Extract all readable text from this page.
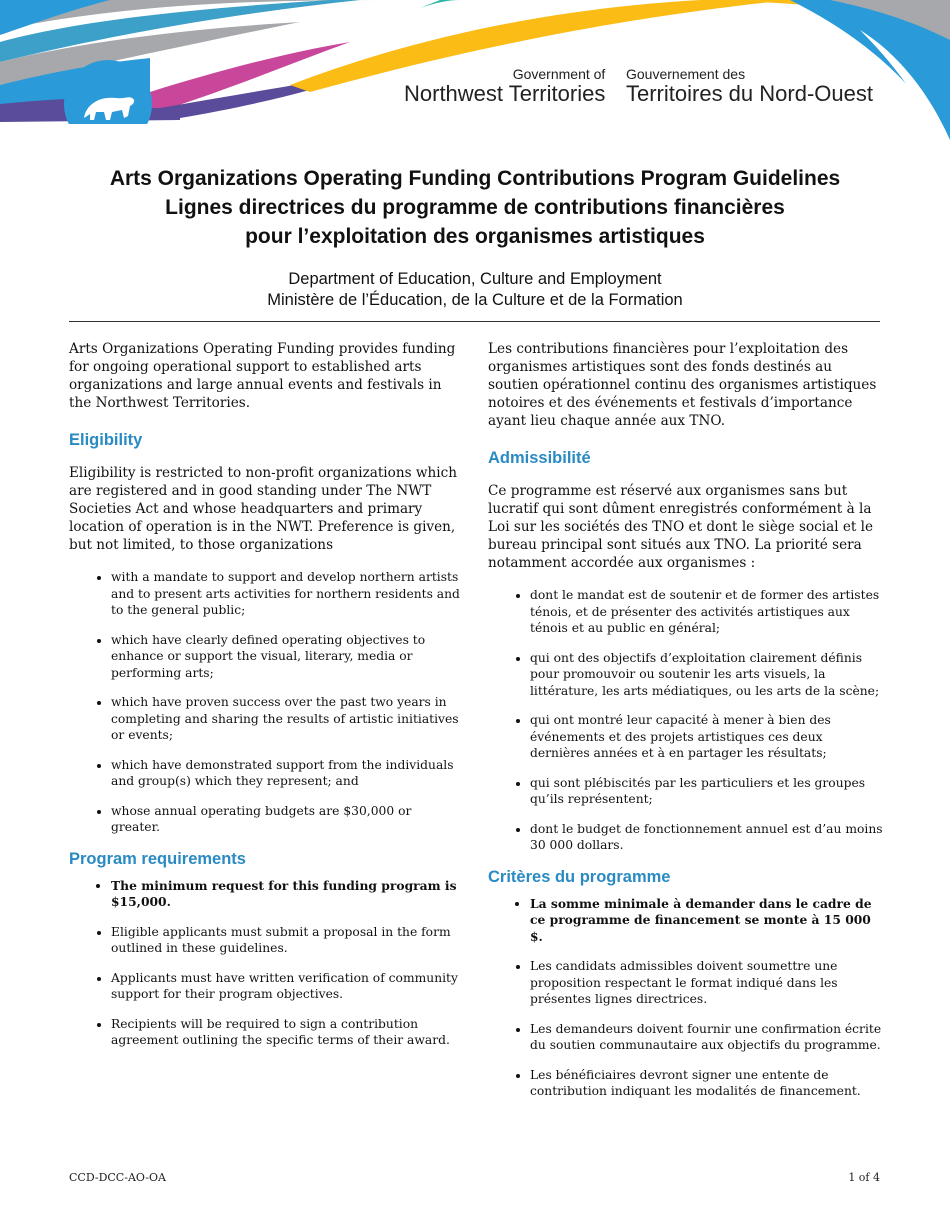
Government of
Northwest Territories
Gouvernement des
Territoires du Nord-Ouest
Arts Organizations Operating Funding Contributions Program Guidelines
Lignes directrices du programme de contributions financières
pour l’exploitation des organismes artistiques
Department of Education, Culture and Employment
Ministère de l’Éducation, de la Culture et de la Formation

Arts Organizations Operating Funding provides funding for ongoing operational support to established arts organizations and large annual events and festivals in the Northwest Territories.

Eligibility

Eligibility is restricted to non-profit organizations which are registered and in good standing under The NWT Societies Act and whose headquarters and primary location of operation is in the NWT. Preference is given, but not limited, to those organizations

• with a mandate to support and develop northern artists and to present arts activities for northern residents and to the general public;
• which have clearly defined operating objectives to enhance or support the visual, literary, media or performing arts;
• which have proven success over the past two years in completing and sharing the results of artistic initiatives or events;
• which have demonstrated support from the individuals and group(s) which they represent; and
• whose annual operating budgets are $30,000 or greater.
Program requirements
• The minimum request for this funding program is $15,000.
• Eligible applicants must submit a proposal in the form outlined in these guidelines.
• Applicants must have written verification of community support for their program objectives.
• Recipients will be required to sign a contribution agreement outlining the specific terms of their award.

Les contributions financières pour l’exploitation des organismes artistiques sont des fonds destinés au soutien opérationnel continu des organismes artistiques notoires et des événements et festivals d’importance ayant lieu chaque année aux TNO.

Admissibilité

Ce programme est réservé aux organismes sans but lucratif qui sont dûment enregistrés conformément à la Loi sur les sociétés des TNO et dont le siège social et le bureau principal sont situés aux TNO. La priorité sera notamment accordée aux organismes :

• dont le mandat est de soutenir et de former des artistes ténois, et de présenter des activités artistiques aux ténois et au public en général;
• qui ont des objectifs d’exploitation clairement définis pour promouvoir ou soutenir les arts visuels, la littérature, les arts médiatiques, ou les arts de la scène;
• qui ont montré leur capacité à mener à bien des événements et des projets artistiques ces deux dernières années et à en partager les résultats;
• qui sont plébiscités par les particuliers et les groupes qu’ils représentent;
• dont le budget de fonctionnement annuel est d’au moins 30 000 dollars.
Critères du programme
• La somme minimale à demander dans le cadre de ce programme de financement se monte à 15 000 $.
• Les candidats admissibles doivent soumettre une proposition respectant le format indiqué dans les présentes lignes directrices.
• Les demandeurs doivent fournir une confirmation écrite du soutien communautaire aux objectifs du programme.
• Les bénéficiaires devront signer une entente de contribution indiquant les modalités de financement.
CCD-DCC-AO-OA	1 of 4
